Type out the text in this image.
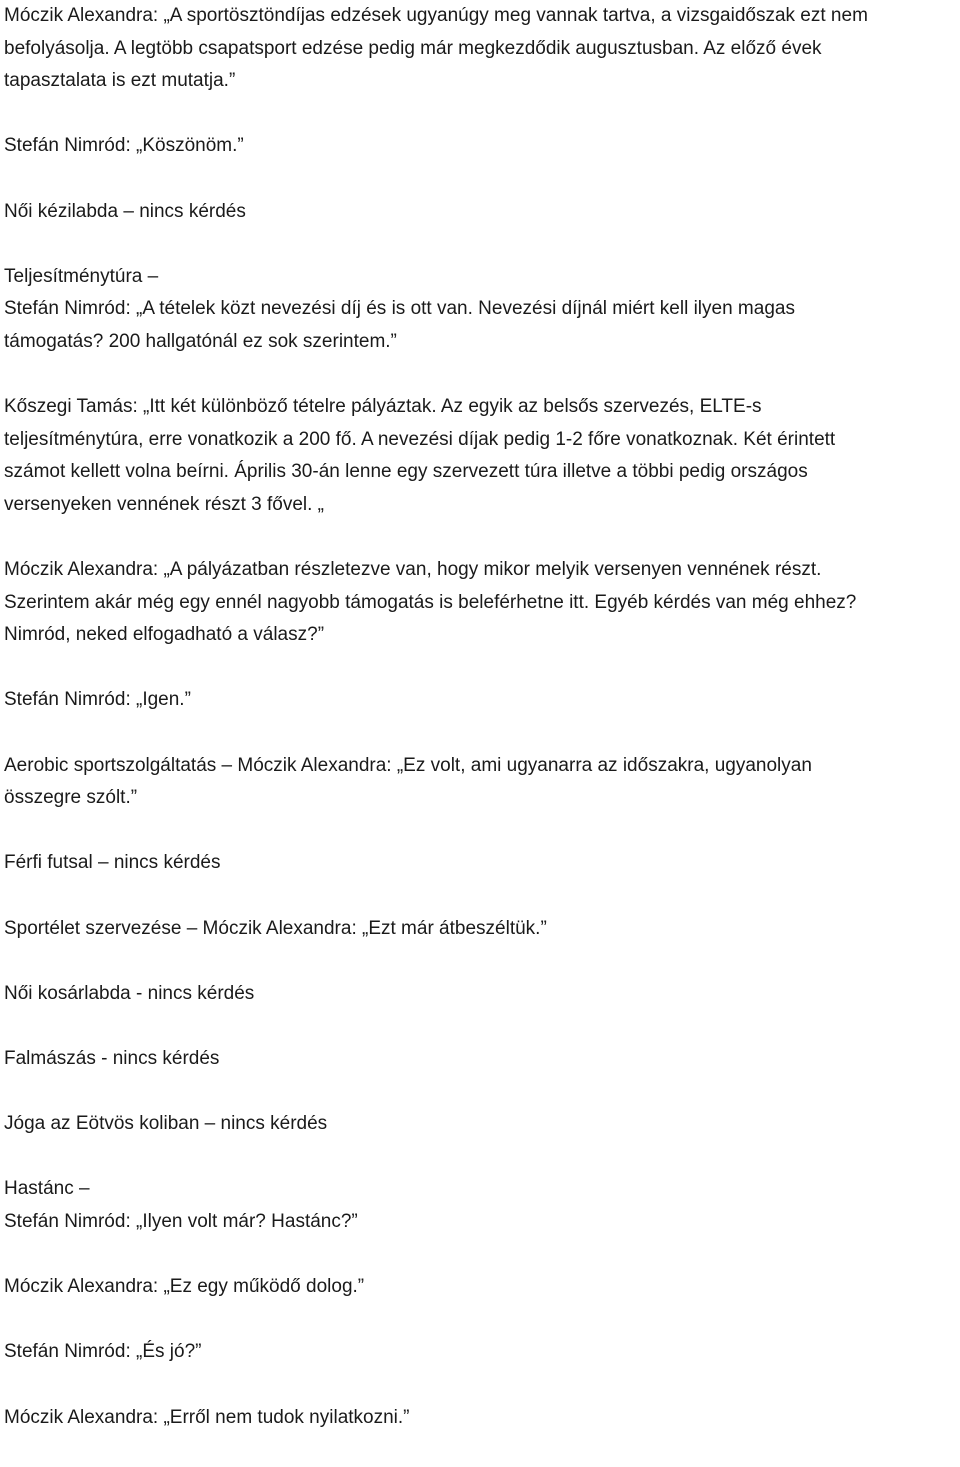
Móczik Alexandra: „A sportösztöndíjas edzések ugyanúgy meg vannak tartva, a vizsgaidőszak ezt nem
befolyásolja. A legtöbb csapatsport edzése pedig már megkezdődik augusztusban. Az előző évek
tapasztalata is ezt mutatja.”

Stefán Nimród: „Köszönöm.”

Női kézilabda – nincs kérdés

Teljesítménytúra –

Stefán Nimród: „A tételek közt nevezési díj és is ott van. Nevezési díjnál miért kell ilyen magas
támogatás? 200 hallgatónál ez sok szerintem.”

Kőszegi Tamás: „Itt két különböző tételre pályáztak. Az egyik az belsős szervezés, ELTE-s
teljesítménytúra, erre vonatkozik a 200 fő. A nevezési díjak pedig 1-2 főre vonatkoznak. Két érintett
számot kellett volna beírni. Április 30-án lenne egy szervezett túra illetve a többi pedig országos
versenyeken vennének részt 3 fővel. „

Móczik Alexandra: „A pályázatban részletezve van, hogy mikor melyik versenyen vennének részt.
Szerintem akár még egy ennél nagyobb támogatás is beleférhetne itt. Egyéb kérdés van még ehhez?
Nimród, neked elfogadható a válasz?”

Stefán Nimród: „Igen.”

Aerobic sportszolgáltatás – Móczik Alexandra: „Ez volt, ami ugyanarra az időszakra, ugyanolyan
összegre szólt.”

Férfi futsal – nincs kérdés

Sportélet szervezése – Móczik Alexandra: „Ezt már átbeszéltük.”

Női kosárlabda - nincs kérdés

Falmászás - nincs kérdés

Jóga az Eötvös koliban – nincs kérdés

Hastánc –

Stefán Nimród: „Ilyen volt már? Hastánc?”

Móczik Alexandra: „Ez egy működő dolog.”

Stefán Nimród: „És jó?”

Móczik Alexandra: „Erről nem tudok nyilatkozni.”
